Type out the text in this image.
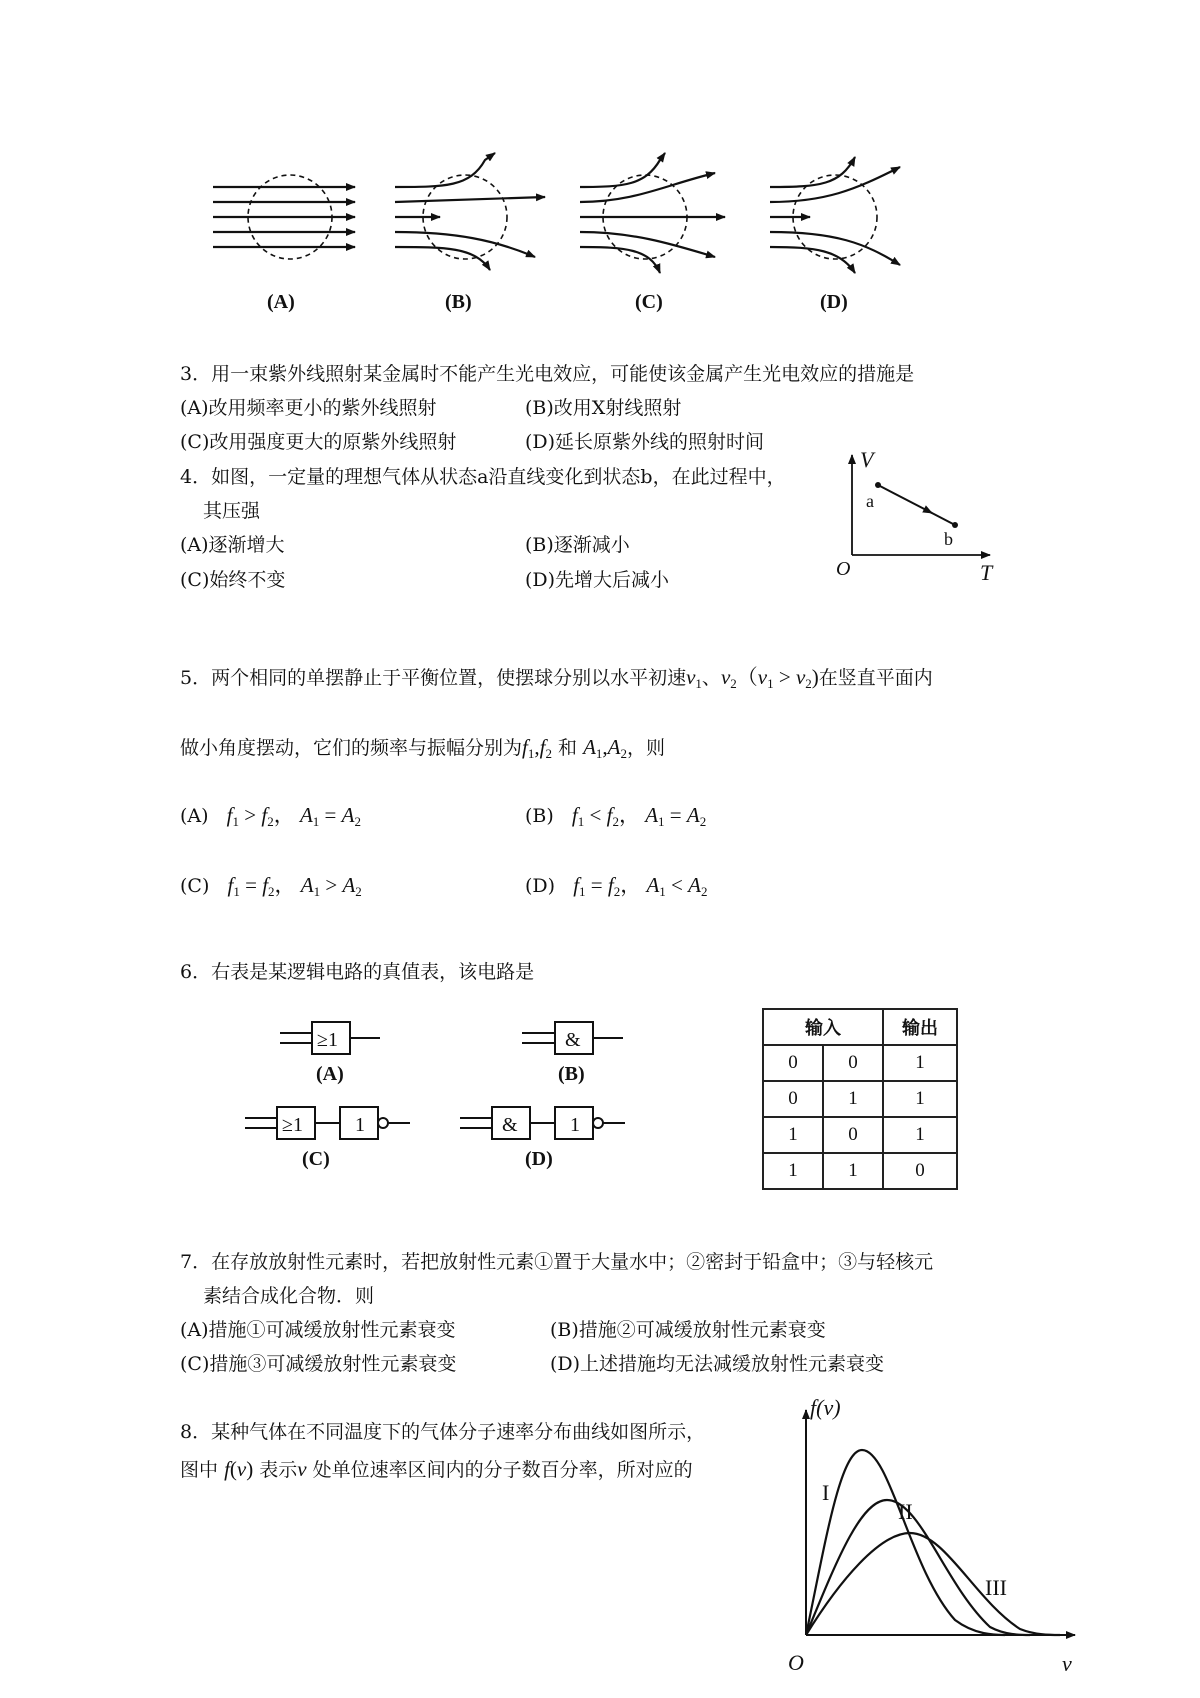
(A)	(B)	(C)	(D)
3．用一束紫外线照射某金属时不能产生光电效应，可能使该金属产生光电效应的措施是
(A)改用频率更小的紫外线照射	(B)改用X射线照射
(C)改用强度更大的原紫外线照射	(D)延长原紫外线的照射时间
4．如图，一定量的理想气体从状态a沿直线变化到状态b，在此过程中，
其压强
(A)逐渐增大	(B)逐渐减小
(C)始终不变	(D)先增大后减小
V
T
O
a
b
5．两个相同的单摆静止于平衡位置，使摆球分别以水平初速$v_1$、$v_2(v_1 > v_2)$在竖直平面内
做小角度摆动，它们的频率与振幅分别为$f_1,f_2$ 和 $A_1,A_2$，则
(A) $f_1 > f_2$， $A_1 = A_2$	(B) $f_1 < f_2$， $A_1 = A_2$
(C) $f_1 = f_2$， $A_1 > A_2$	(D) $f_1 = f_2$， $A_1 < A_2$
6．右表是某逻辑电路的真值表，该电路是
≥1
(A)
&
(B)
≥1	1
(C)
&	1
(D)
输入		输出
0	0	1
0	1	1
1	0	1
1	1	0
7．在存放放射性元素时，若把放射性元素①置于大量水中；②密封于铅盒中；③与轻核元
素结合成化合物．则
(A)措施①可减缓放射性元素衰变	(B)措施②可减缓放射性元素衰变
(C)措施③可减缓放射性元素衰变	(D)上述措施均无法减缓放射性元素衰变
8．某种气体在不同温度下的气体分子速率分布曲线如图所示，
图中 f(v) 表示v 处单位速率区间内的分子数百分率，所对应的
f(v)
v
O
I
II
III
